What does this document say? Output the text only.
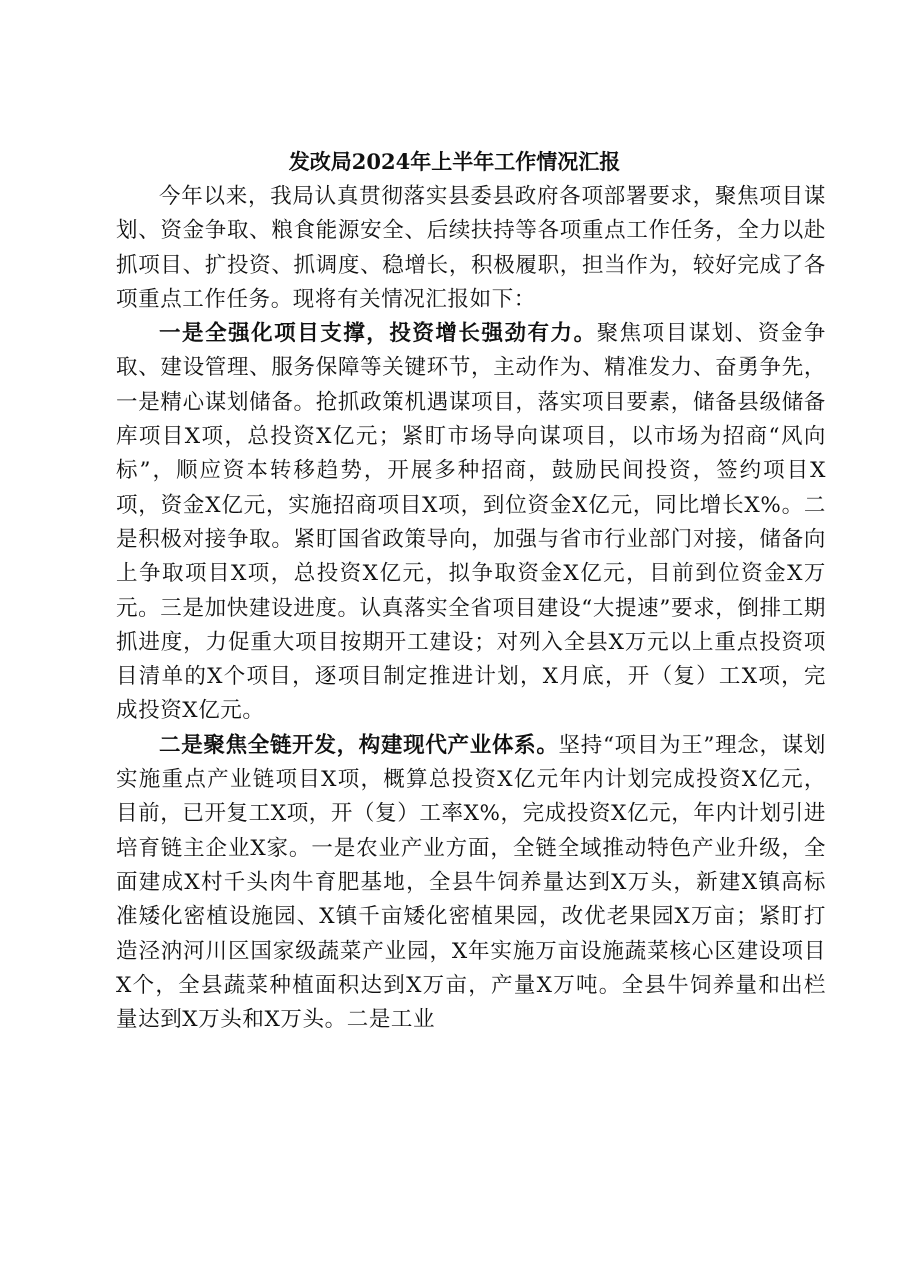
发改局2024年上半年工作情况汇报

今年以来，我局认真贯彻落实县委县政府各项部署要求，聚焦项目谋划、资金争取、粮食能源安全、后续扶持等各项重点工作任务，全力以赴抓项目、扩投资、抓调度、稳增长，积极履职，担当作为，较好完成了各项重点工作任务。现将有关情况汇报如下：

一是全强化项目支撑，投资增长强劲有力。聚焦项目谋划、资金争取、建设管理、服务保障等关键环节，主动作为、精准发力、奋勇争先，一是精心谋划储备。抢抓政策机遇谋项目，落实项目要素，储备县级储备库项目X项，总投资X亿元；紧盯市场导向谋项目，以市场为招商“风向标”，顺应资本转移趋势，开展多种招商，鼓励民间投资，签约项目X项，资金X亿元，实施招商项目X项，到位资金X亿元，同比增长X%。二是积极对接争取。紧盯国省政策导向，加强与省市行业部门对接，储备向上争取项目X项，总投资X亿元，拟争取资金X亿元，目前到位资金X万元。三是加快建设进度。认真落实全省项目建设“大提速”要求，倒排工期抓进度，力促重大项目按期开工建设；对列入全县X万元以上重点投资项目清单的X个项目，逐项目制定推进计划，X月底，开（复）工X项，完成投资X亿元。

二是聚焦全链开发，构建现代产业体系。坚持“项目为王”理念，谋划实施重点产业链项目X项，概算总投资X亿元年内计划完成投资X亿元，目前，已开复工X项，开（复）工率X%，完成投资X亿元，年内计划引进培育链主企业X家。一是农业产业方面，全链全域推动特色产业升级，全面建成X村千头肉牛育肥基地，全县牛饲养量达到X万头，新建X镇高标准矮化密植设施园、X镇千亩矮化密植果园，改优老果园X万亩；紧盯打造泾汭河川区国家级蔬菜产业园，X年实施万亩设施蔬菜核心区建设项目X个，全县蔬菜种植面积达到X万亩，产量X万吨。全县牛饲养量和出栏量达到X万头和X万头。二是工业
